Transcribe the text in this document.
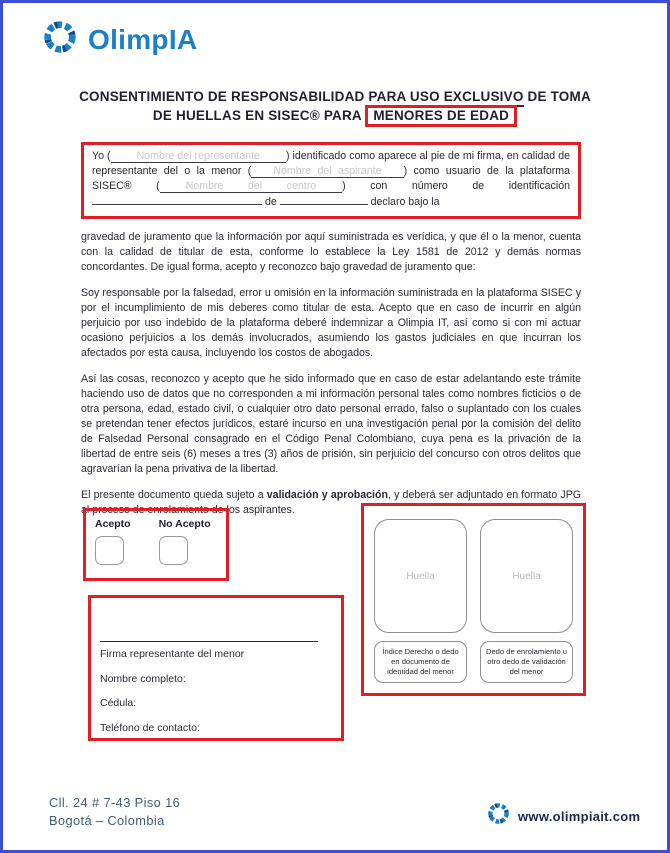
OlimpIA
CONSENTIMIENTO DE RESPONSABILIDAD PARA USO EXCLUSIVO DE TOMA
DE HUELLAS EN SISEC® PARA MENORES DE EDAD

Yo ( Nombre del representante ) identificado como aparece al pie de mi firma, en calidad de representante del o la menor ( Nombre del aspirante ) como usuario de la plataforma SISEC® ( Nombre del centro ) con número de identificación  de	declaro bajo la

gravedad de juramento que la información por aquí suministrada es verídica, y que él o la menor, cuenta con la calidad de titular de esta, conforme lo establece la Ley 1581 de 2012 y demás normas concordantes. De igual forma, acepto y reconozco bajo gravedad de juramento que:

Soy responsable por la falsedad, error u omisión en la información suministrada en la plataforma SISEC y por el incumplimiento de mis deberes como titular de esta. Acepto que en caso de incurrir en algún perjuicio por uso indebido de la plataforma deberé indemnizar a Olimpia IT, así como si con mi actuar ocasiono perjuicios a los demás involucrados, asumiendo los gastos judiciales en que incurran los afectados por esta causa, incluyendo los costos de abogados.

Así las cosas, reconozco y acepto que he sido informado que en caso de estar adelantando este trámite haciendo uso de datos que no corresponden a mi información personal tales como nombres ficticios o de otra persona, edad, estado civil, o cualquier otro dato personal errado, falso o suplantado con los cuales se pretendan tener efectos jurídicos, estaré incurso en una investigación penal por la comisión del delito de Falsedad Personal consagrado en el Código Penal Colombiano, cuya pena es la privación de la libertad de entre seis (6) meses a tres (3) años de prisión, sin perjuicio del concurso con otros delitos que agravarían la pena privativa de la libertad.

El presente documento queda sujeto a validación y aprobación, y deberá ser adjuntado en formato JPG al proceso de enrolamiento de los aspirantes.

Acepto	No Acepto
Firma representante del menor
Nombre completo:
Cédula:
Teléfono de contacto:
Huella
Índice Derecho o dedo en documento de identidad del menor
Huella
Dedo de enrolamiento u otro dedo de validación del menor
Cll. 24 # 7-43 Piso 16
Bogotá – Colombia	www.olimpiait.com
